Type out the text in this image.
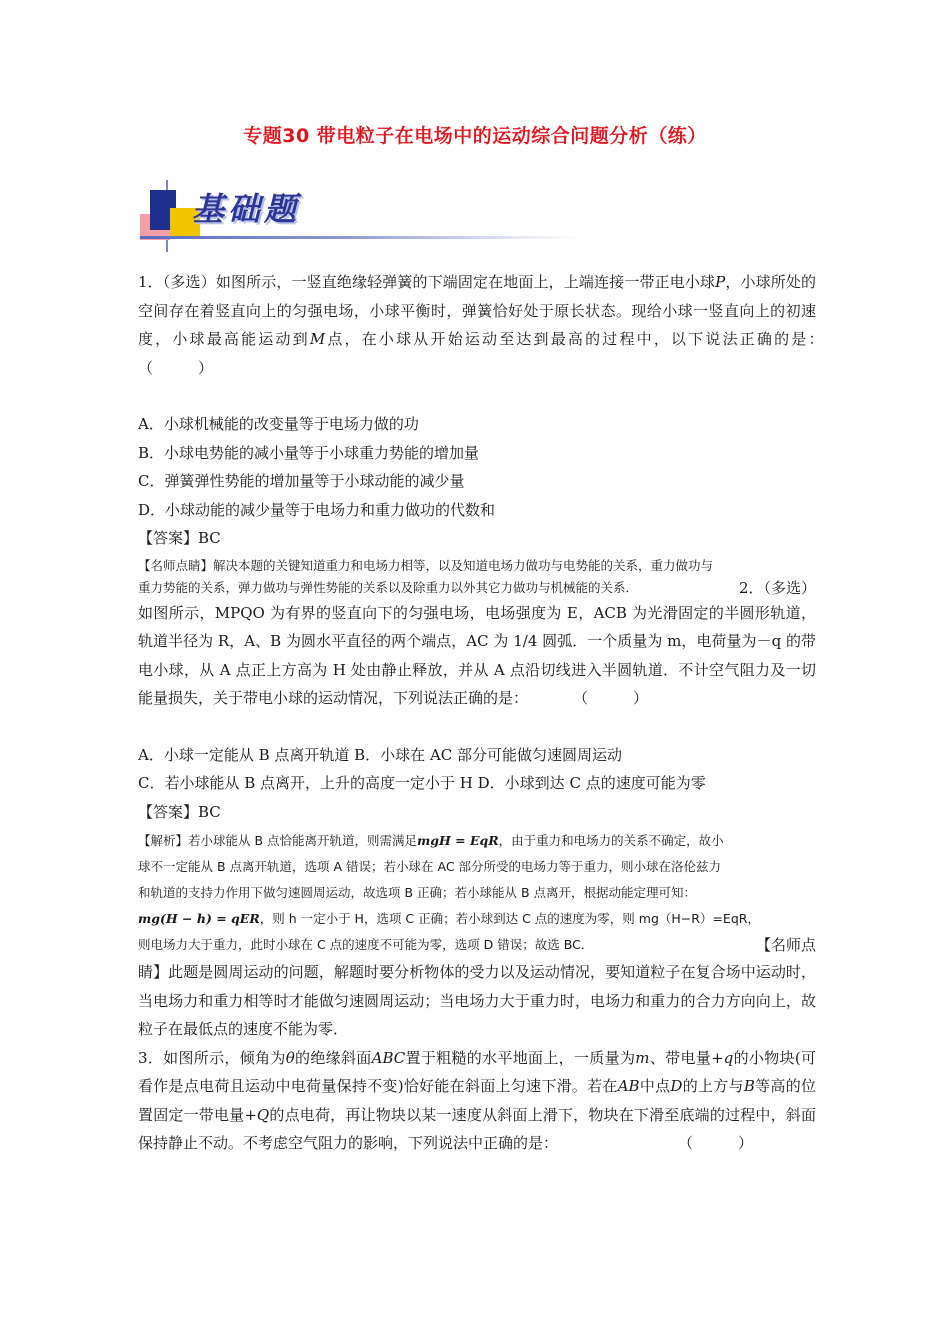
专题30 带电粒子在电场中的运动综合问题分析（练）
基础题

1．（多选）如图所示，一竖直绝缘轻弹簧的下端固定在地面上，上端连接一带正电小球P，小球所处的空间存在着竖直向上的匀强电场，小球平衡时，弹簧恰好处于原长状态。现给小球一竖直向上的初速度，小球最高能运动到M点，在小球从开始运动至达到最高的过程中，以下说法正确的是：　　　　（　　　）

A．小球机械能的改变量等于电场力做的功

B．小球电势能的减小量等于小球重力势能的增加量

C．弹簧弹性势能的增加量等于小球动能的减少量

D．小球动能的减少量等于电场力和重力做功的代数和

【答案】BC

【名师点睛】解决本题的关键知道重力和电场力相等，以及知道电场力做功与电势能的关系，重力做功与

重力势能的关系，弹力做功与弹性势能的关系以及除重力以外其它力做功与机械能的关系．	2．（多选）

如图所示，MPQO 为有界的竖直向下的匀强电场，电场强度为 E，ACB 为光滑固定的半圆形轨道，轨道半径为 R，A、B 为圆水平直径的两个端点，AC 为 1/4 圆弧．一个质量为 m，电荷量为－q 的带电小球，从 A 点正上方高为 H 处由静止释放，并从 A 点沿切线进入半圆轨道．不计空气阻力及一切能量损失，关于带电小球的运动情况，下列说法正确的是：　　　　（　　　）

A．小球一定能从 B 点离开轨道 B．小球在 AC 部分可能做匀速圆周运动

C．若小球能从 B 点离开，上升的高度一定小于 H D．小球到达 C 点的速度可能为零

【答案】BC

【解析】若小球能从 B 点恰能离开轨道，则需满足mgH = EqR，由于重力和电场力的关系不确定，故小
球不一定能从 B 点离开轨道，选项 A 错误；若小球在 AC 部分所受的电场力等于重力，则小球在洛伦兹力
和轨道的支持力作用下做匀速圆周运动，故选项 B 正确；若小球能从 B 点离开，根据动能定理可知：
mg(H − h) = qER，则 h 一定小于 H，选项 C 正确；若小球到达 C 点的速度为零，则 mg（H−R）=EqR，
则电场力大于重力，此时小球在 C 点的速度不可能为零，选项 D 错误；故选 BC．	【名师点

睛】此题是圆周运动的问题，解题时要分析物体的受力以及运动情况，要知道粒子在复合场中运动时，当电场力和重力相等时才能做匀速圆周运动；当电场力大于重力时，电场力和重力的合力方向向上，故粒子在最低点的速度不能为零．

3．如图所示，倾角为θ的绝缘斜面ABC置于粗糙的水平地面上，一质量为m、带电量+q的小物块(可看作是点电荷且运动中电荷量保持不变)恰好能在斜面上匀速下滑。若在AB中点D的上方与B等高的位置固定一带电量+Q的点电荷，再让物块以某一速度从斜面上滑下，物块在下滑至底端的过程中，斜面保持静止不动。不考虑空气阻力的影响，下列说法中正确的是：　　　　　　　　　（　　　）
